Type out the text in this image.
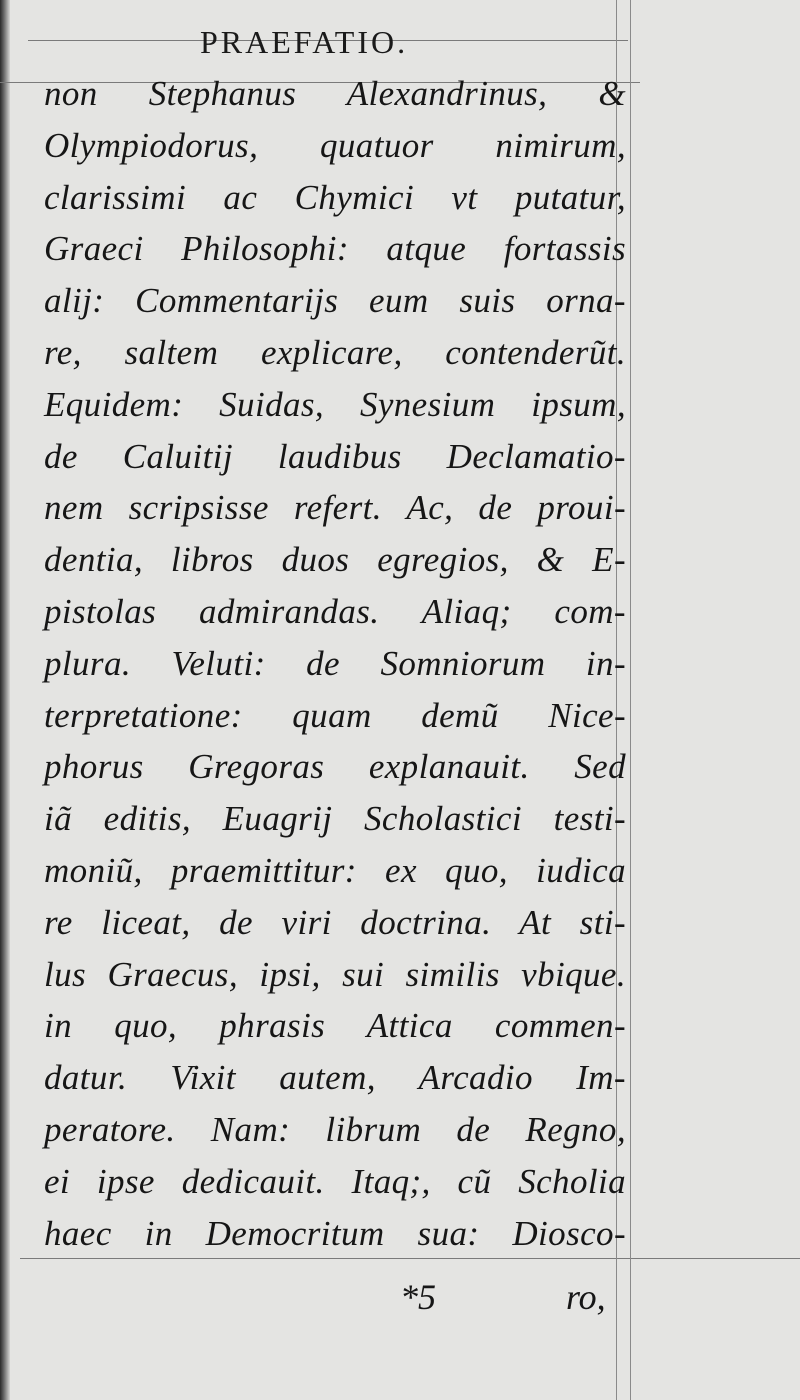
PRAEFATIO.
non Stephanus Alexandrinus, &
Olympiodorus, quatuor nimirum,
clarissimi ac Chymici vt putatur,
Graeci Philosophi: atque fortassis
alij: Commentarijs eum suis orna-
re, saltem explicare, contenderũt.
Equidem: Suidas, Synesium ipsum,
de Caluitij laudibus Declamatio-
nem scripsisse refert. Ac, de proui-
dentia, libros duos egregios, & E-
pistolas admirandas. Aliaq; com-
plura. Veluti: de Somniorum in-
terpretatione: quam demũ Nice-
phorus Gregoras explanauit. Sed
iã editis, Euagrij Scholastici testi-
moniũ, praemittitur: ex quo, iudica
re liceat, de viri doctrina. At sti-
lus Graecus, ipsi, sui similis vbique.
in quo, phrasis Attica commen-
datur. Vixit autem, Arcadio Im-
peratore. Nam: librum de Regno,
ei ipse dedicauit. Itaq;, cũ Scholia
haec in Democritum sua: Diosco-
*5	ro,
